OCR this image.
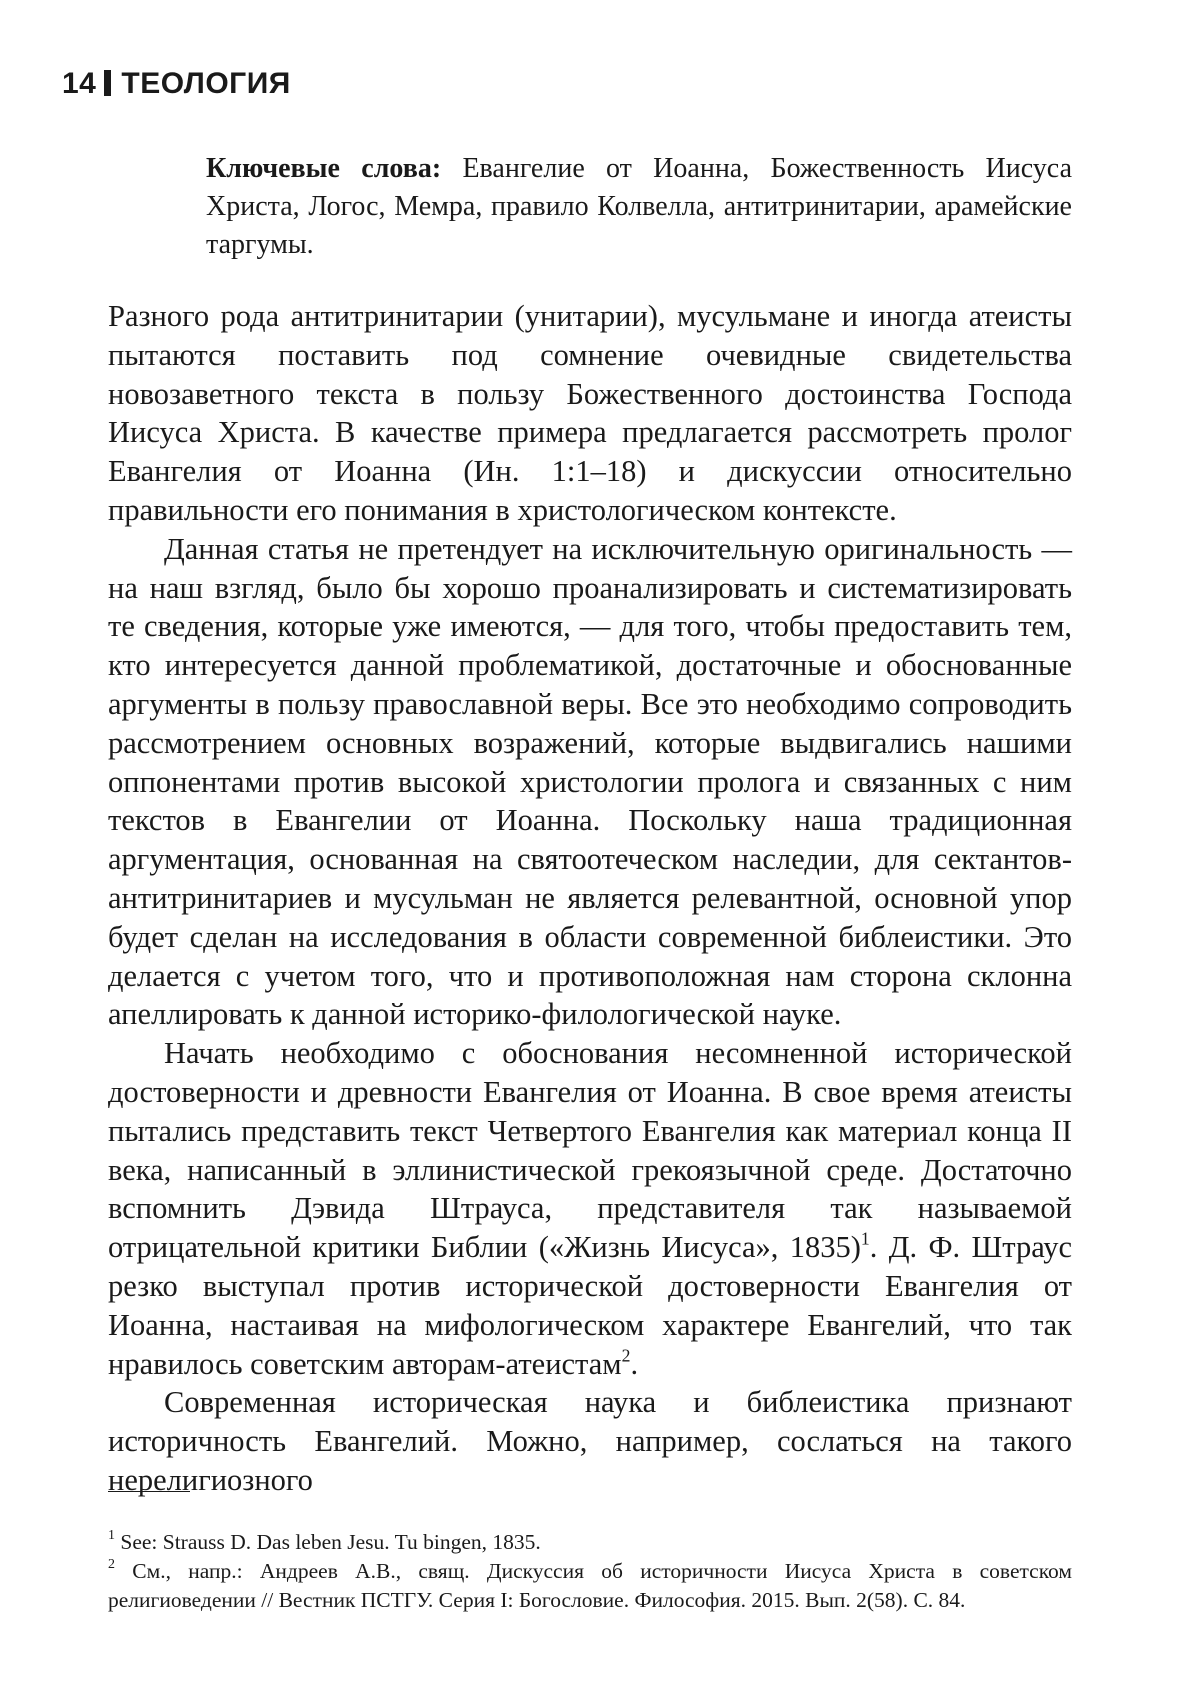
14 ТЕОЛОГИЯ
Ключевые слова: Евангелие от Иоанна, Божественность Иисуса Христа, Логос, Мемра, правило Колвелла, антитринитарии, арамейские таргумы.

Разного рода антитринитарии (унитарии), мусульмане и иногда атеисты пытаются поставить под сомнение очевидные свидетельства новозаветного текста в пользу Божественного достоинства Господа Иисуса Христа. В качестве примера предлагается рассмотреть пролог Евангелия от Иоанна (Ин. 1:1–18) и дискуссии относительно правильности его понимания в христологическом контексте.

Данная статья не претендует на исключительную оригинальность — на наш взгляд, было бы хорошо проанализировать и систематизировать те сведения, которые уже имеются, — для того, чтобы предоставить тем, кто интересуется данной проблематикой, достаточные и обоснованные аргументы в пользу православной веры. Все это необходимо сопроводить рассмотрением основных возражений, которые выдвигались нашими оппонентами против высокой христологии пролога и связанных с ним текстов в Евангелии от Иоанна. Поскольку наша традиционная аргументация, основанная на святоотеческом наследии, для сектантов-антитринитариев и мусульман не является релевантной, основной упор будет сделан на исследования в области современной библеистики. Это делается с учетом того, что и противоположная нам сторона склонна апеллировать к данной историко-филологической науке.

Начать необходимо с обоснования несомненной исторической достоверности и древности Евангелия от Иоанна. В свое время атеисты пытались представить текст Четвертого Евангелия как материал конца II века, написанный в эллинистической грекоязычной среде. Достаточно вспомнить Дэвида Штрауса, представителя так называемой отрицательной критики Библии («Жизнь Иисуса», 1835)$^1$. Д. Ф. Штраус резко выступал против исторической достоверности Евангелия от Иоанна, настаивая на мифологическом характере Евангелий, что так нравилось советским авторам-атеистам$^2$.

Современная историческая наука и библеистика признают историчность Евангелий. Можно, например, сослаться на такого нерелигиозного

$^1$ See: Strauss D. Das leben Jesu. Tu bingen, 1835.

$^2$ См., напр.: Андреев А.В., свящ. Дискуссия об историчности Иисуса Христа в советском религиоведении // Вестник ПСТГУ. Серия I: Богословие. Философия. 2015. Вып. 2(58). С. 84.
